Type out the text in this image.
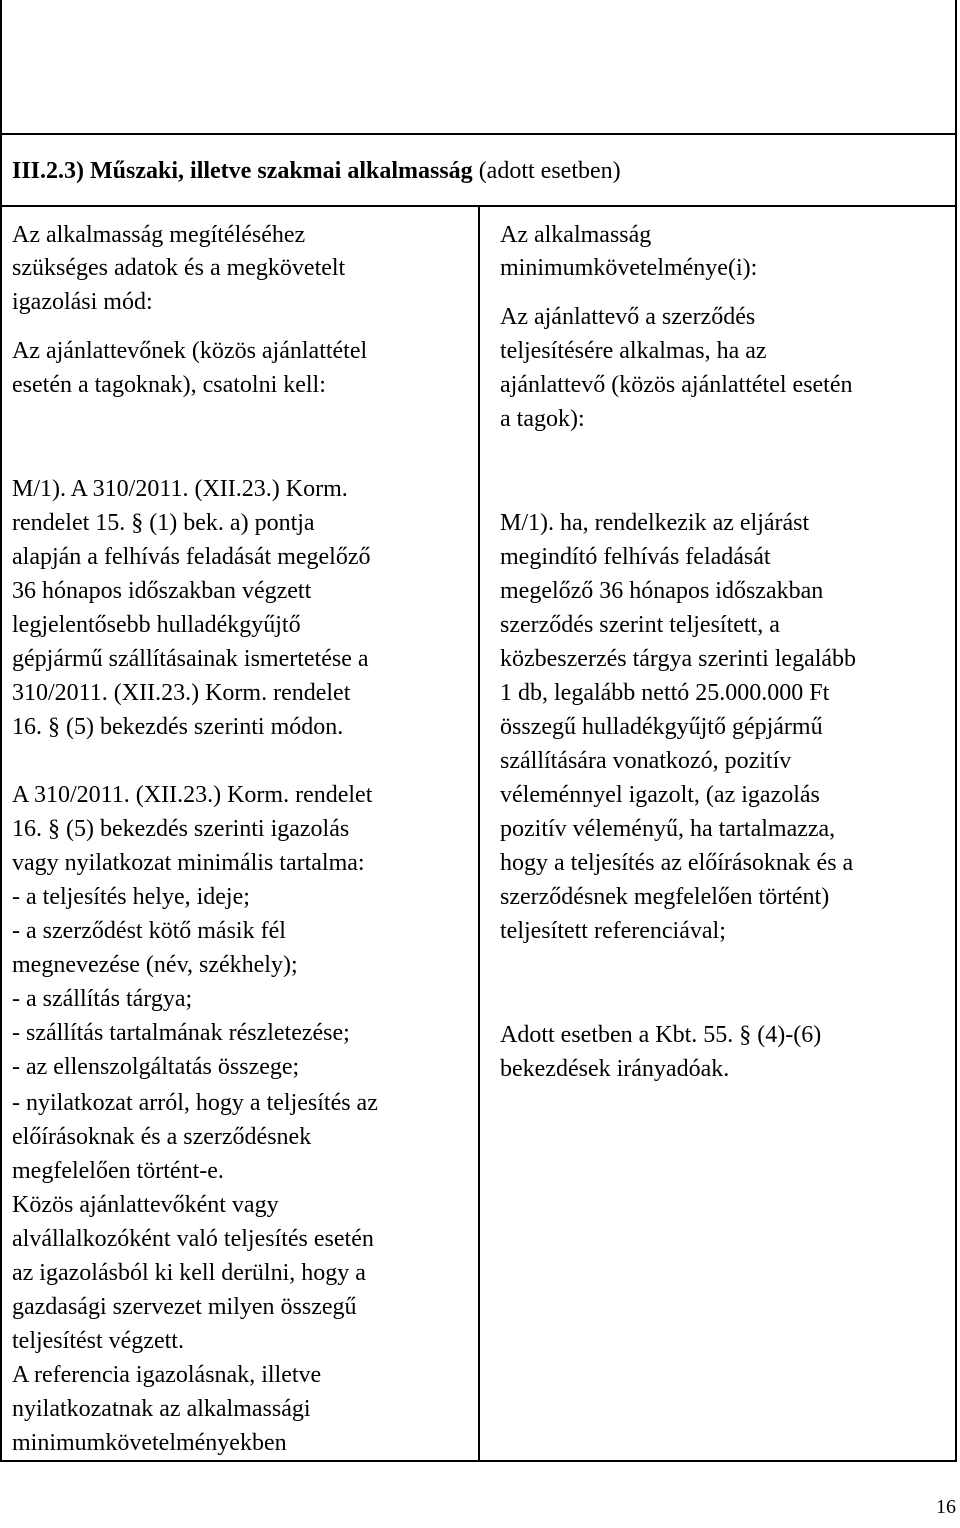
III.2.3) Műszaki, illetve szakmai alkalmasság (adott esetben)
Az alkalmasság megítéléséhez
szükséges adatok és a megkövetelt
igazolási mód:
Az ajánlattevőnek (közös ajánlattétel
esetén a tagoknak), csatolni kell:
Az alkalmasság
minimumkövetelménye(i):
Az ajánlattevő a szerződés
teljesítésére alkalmas, ha az
ajánlattevő (közös ajánlattétel esetén
a tagok):
M/1). A 310/2011. (XII.23.) Korm.
rendelet 15. § (1) bek. a) pontja
alapján a felhívás feladását megelőző
36 hónapos időszakban végzett
legjelentősebb hulladékgyűjtő
gépjármű szállításainak ismertetése a
310/2011. (XII.23.) Korm. rendelet
16. § (5) bekezdés szerinti módon.
A 310/2011. (XII.23.) Korm. rendelet
16. § (5) bekezdés szerinti igazolás
vagy nyilatkozat minimális tartalma:
- a teljesítés helye, ideje;
- a szerződést kötő másik fél
megnevezése (név, székhely);
- a szállítás tárgya;
- szállítás tartalmának részletezése;
- az ellenszolgáltatás összege;
- nyilatkozat arról, hogy a teljesítés az
előírásoknak és a szerződésnek
megfelelően történt-e.
Közös ajánlattevőként vagy
alvállalkozóként való teljesítés esetén
az igazolásból ki kell derülni, hogy a
gazdasági szervezet milyen összegű
teljesítést végzett.
A referencia igazolásnak, illetve
nyilatkozatnak az alkalmassági
minimumkövetelményekben
M/1). ha, rendelkezik az eljárást
megindító felhívás feladását
megelőző 36 hónapos időszakban
szerződés szerint teljesített, a
közbeszerzés tárgya szerinti legalább
1 db, legalább nettó 25.000.000 Ft
összegű hulladékgyűjtő gépjármű
szállítására vonatkozó, pozitív
véleménnyel igazolt, (az igazolás
pozitív véleményű, ha tartalmazza,
hogy a teljesítés az előírásoknak és a
szerződésnek megfelelően történt)
teljesített referenciával;
Adott esetben a Kbt. 55. § (4)-(6)
bekezdések irányadóak.
16
